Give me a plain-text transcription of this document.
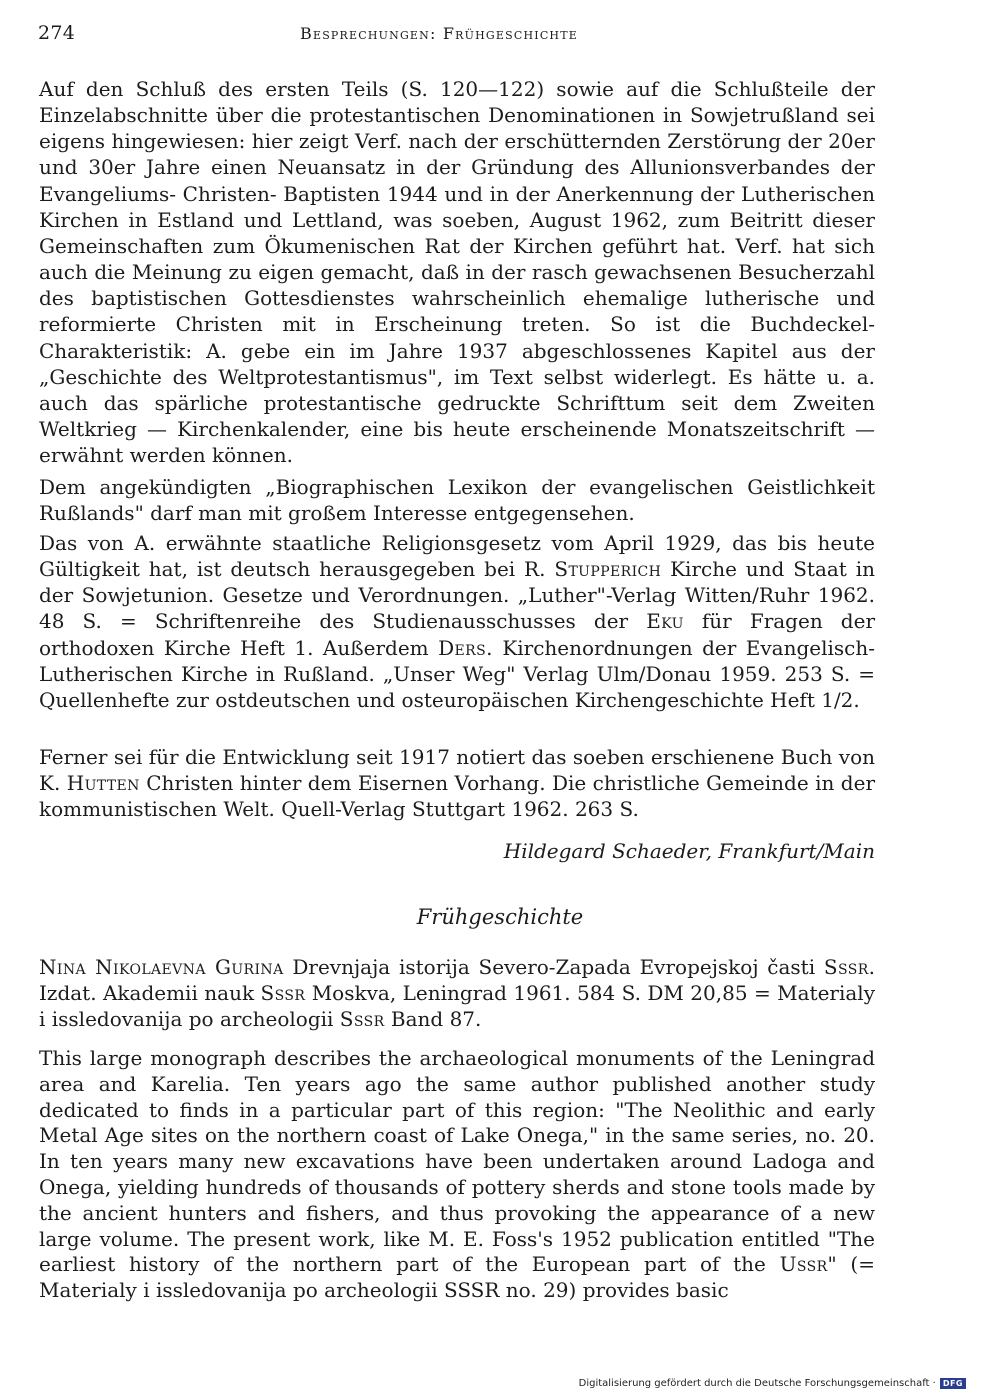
274	Besprechungen: Frühgeschichte

Auf den Schluß des ersten Teils (S. 120—122) sowie auf die Schlußteile der Einzelabschnitte über die protestantischen Denominationen in Sowjetrußland sei eigens hingewiesen: hier zeigt Verf. nach der erschütternden Zerstörung der 20er und 30er Jahre einen Neuansatz in der Gründung des Allunionsverbandes der Evangeliums- Christen- Baptisten 1944 und in der Anerkennung der Lutherischen Kirchen in Estland und Lettland, was soeben, August 1962, zum Beitritt dieser Gemeinschaften zum Ökumenischen Rat der Kirchen geführt hat. Verf. hat sich auch die Meinung zu eigen gemacht, daß in der rasch gewachsenen Besucherzahl des baptistischen Gottesdienstes wahrscheinlich ehemalige lutherische und reformierte Christen mit in Erscheinung treten. So ist die Buchdeckel-Charakteristik: A. gebe ein im Jahre 1937 abgeschlossenes Kapitel aus der „Geschichte des Weltprotestantismus", im Text selbst widerlegt. Es hätte u. a. auch das spärliche protestantische gedruckte Schrifttum seit dem Zweiten Weltkrieg — Kirchenkalender, eine bis heute erscheinende Monatszeitschrift — erwähnt werden können.

Dem angekündigten „Biographischen Lexikon der evangelischen Geistlichkeit Rußlands" darf man mit großem Interesse entgegensehen.

Das von A. erwähnte staatliche Religionsgesetz vom April 1929, das bis heute Gültigkeit hat, ist deutsch herausgegeben bei R. Stupperich Kirche und Staat in der Sowjetunion. Gesetze und Verordnungen. „Luther"-Verlag Witten/Ruhr 1962. 48 S. = Schriftenreihe des Studienausschusses der Eku für Fragen der orthodoxen Kirche Heft 1. Außerdem Ders. Kirchenordnungen der Evangelisch-Lutherischen Kirche in Rußland. „Unser Weg" Verlag Ulm/Donau 1959. 253 S. = Quellenhefte zur ostdeutschen und osteuropäischen Kirchengeschichte Heft 1/2.

Ferner sei für die Entwicklung seit 1917 notiert das soeben erschienene Buch von K. Hutten Christen hinter dem Eisernen Vorhang. Die christliche Gemeinde in der kommunistischen Welt. Quell-Verlag Stuttgart 1962. 263 S.

Hildegard Schaeder, Frankfurt/Main
Frühgeschichte

Nina Nikolaevna Gurina Drevnjaja istorija Severo-Zapada Evropejskoj časti Sssr. Izdat. Akademii nauk Sssr Moskva, Leningrad 1961. 584 S. DM 20,85 = Materialy i issledovanija po archeologii Sssr Band 87.

This large monograph describes the archaeological monuments of the Leningrad area and Karelia. Ten years ago the same author published another study dedicated to finds in a particular part of this region: "The Neolithic and early Metal Age sites on the northern coast of Lake Onega," in the same series, no. 20. In ten years many new excavations have been undertaken around Ladoga and Onega, yielding hundreds of thousands of pottery sherds and stone tools made by the ancient hunters and fishers, and thus provoking the appearance of a new large volume. The present work, like M. E. Foss's 1952 publication entitled "The earliest history of the northern part of the European part of the Ussr" (= Materialy i issledovanija po archeologii SSSR no. 29) provides basic

Digitalisierung gefördert durch die Deutsche Forschungsgemeinschaft · DFG
